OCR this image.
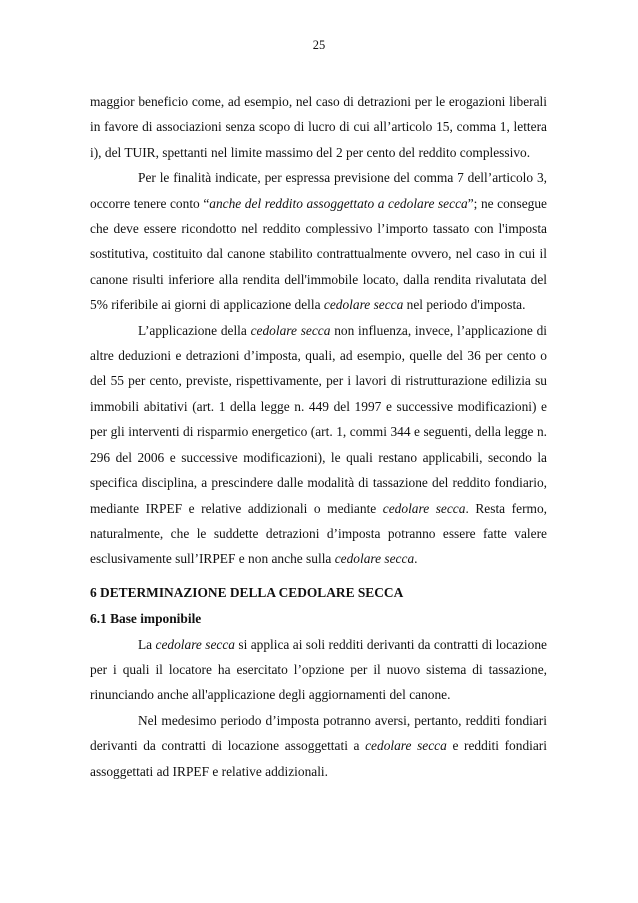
25

maggior beneficio come, ad esempio, nel caso di detrazioni per le erogazioni liberali in favore di associazioni senza scopo di lucro di cui all’articolo 15, comma 1, lettera i), del TUIR, spettanti nel limite massimo del 2 per cento del reddito complessivo.

Per le finalità indicate, per espressa previsione del comma 7 dell’articolo 3, occorre tenere conto “anche del reddito assoggettato a cedolare secca”; ne consegue che deve essere ricondotto nel reddito complessivo l’importo tassato con l'imposta sostitutiva, costituito dal canone stabilito contrattualmente ovvero, nel caso in cui il canone risulti inferiore alla rendita dell'immobile locato, dalla rendita rivalutata del 5% riferibile ai giorni di applicazione della cedolare secca nel periodo d'imposta.

L’applicazione della cedolare secca non influenza, invece, l’applicazione di altre deduzioni e detrazioni d’imposta, quali, ad esempio, quelle del 36 per cento o del 55 per cento, previste, rispettivamente, per i lavori di ristrutturazione edilizia su immobili abitativi (art. 1 della legge n. 449 del 1997 e successive modificazioni) e per gli interventi di risparmio energetico (art. 1, commi 344 e seguenti, della legge n. 296 del 2006 e successive modificazioni), le quali restano applicabili, secondo la specifica disciplina, a prescindere dalle modalità di tassazione del reddito fondiario, mediante IRPEF e relative addizionali o mediante cedolare secca. Resta fermo, naturalmente, che le suddette detrazioni d’imposta potranno essere fatte valere esclusivamente sull’IRPEF e non anche sulla cedolare secca.

6 DETERMINAZIONE DELLA CEDOLARE SECCA
6.1 Base imponibile

La cedolare secca si applica ai soli redditi derivanti da contratti di locazione per i quali il locatore ha esercitato l’opzione per il nuovo sistema di tassazione, rinunciando anche all'applicazione degli aggiornamenti del canone.

Nel medesimo periodo d’imposta potranno aversi, pertanto, redditi fondiari derivanti da contratti di locazione assoggettati a cedolare secca e redditi fondiari assoggettati ad IRPEF e relative addizionali.
